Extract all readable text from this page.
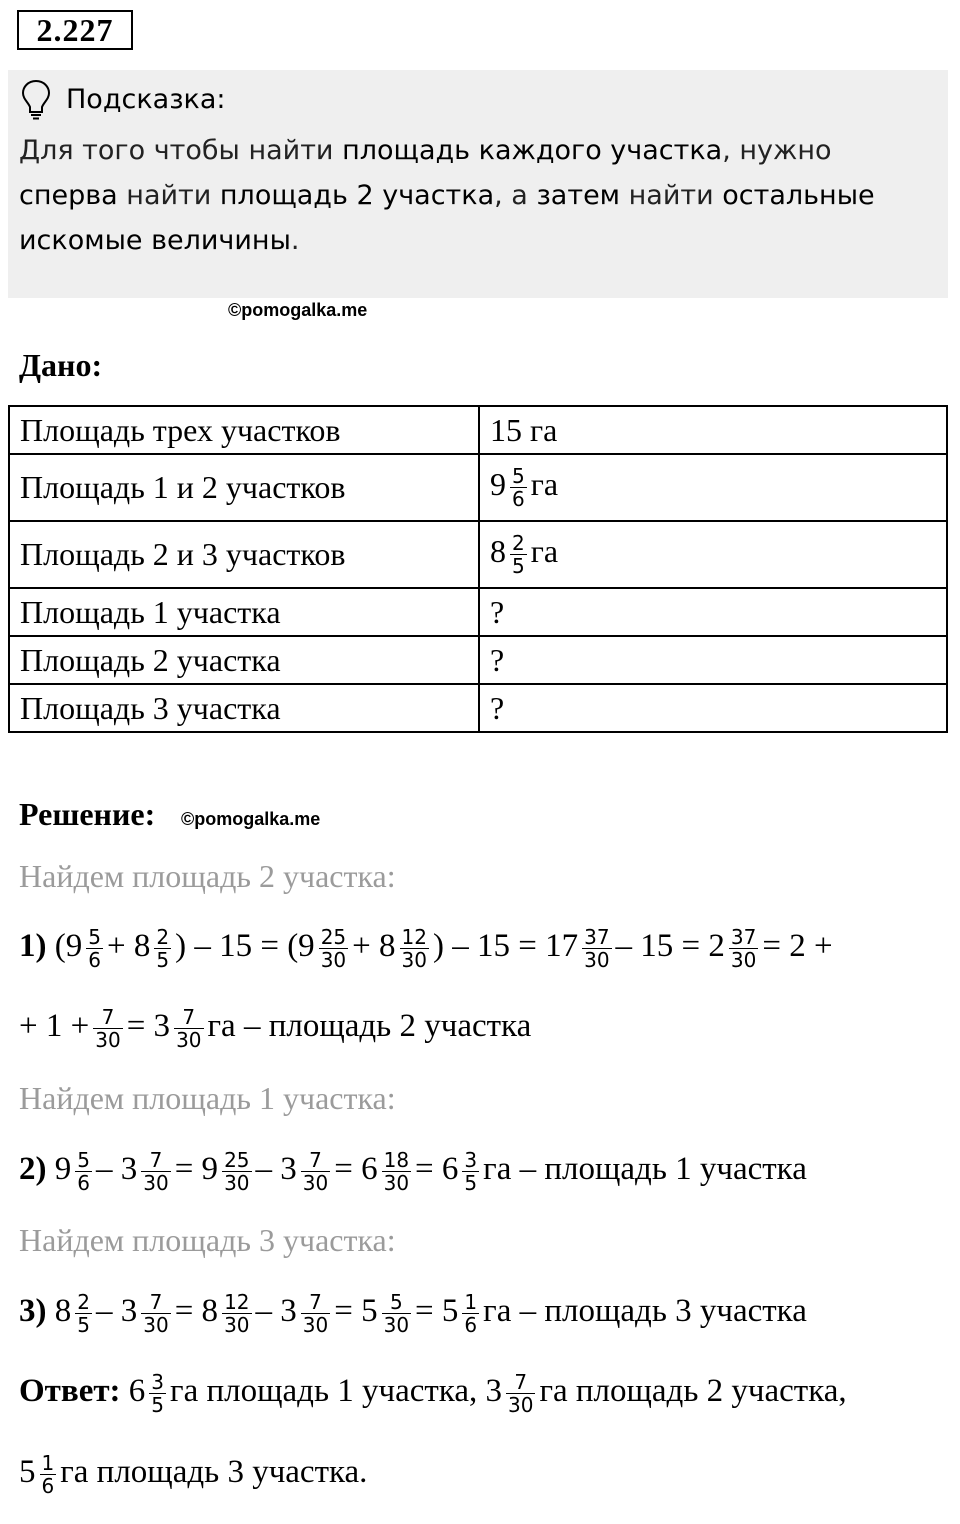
2.227
Подсказка:
Для того чтобы найти площадь каждого участка, нужно сперва найти площадь 2 участка, а затем найти остальные искомые величины.
©pomogalka.me
Дано:
Площадь трех участков	15 га
Площадь 1 и 2 участков	$9 \frac{5}{6}$ га
Площадь 2 и 3 участков	$8 \frac{2}{5}$ га
Площадь 1 участка	?
Площадь 2 участка	?
Площадь 3 участка	?
Решение: ©pomogalka.me
Найдем площадь 2 участка:
1) ($9 \frac{5}{6} + 8 \frac{2}{5}$ ) – $15 = (9 \frac{25}{30} + 8 \frac{12}{30}$ ) – $15 = 17 \frac{37}{30} - 15 = 2 \frac{37}{30} = 2$ +
+ $1 + \frac{7}{30} = 3 \frac{7}{30}$ га – площадь 2 участка
Найдем площадь 1 участка:
2) $9 \frac{5}{6} - 3 \frac{7}{30} = 9 \frac{25}{30} - 3 \frac{7}{30} = 6 \frac{18}{30} = 6 \frac{3}{5}$ га – площадь 1 участка
Найдем площадь 3 участка:
3) $8 \frac{2}{5} - 3 \frac{7}{30} = 8 \frac{12}{30} - 3 \frac{7}{30} = 5 \frac{5}{30} = 5 \frac{1}{6}$ га – площадь 3 участка
Ответ: $6 \frac{3}{5}$ га площадь 1 участка, $3 \frac{7}{30}$ га площадь 2 участка,
$5 \frac{1}{6}$ га площадь 3 участка.
